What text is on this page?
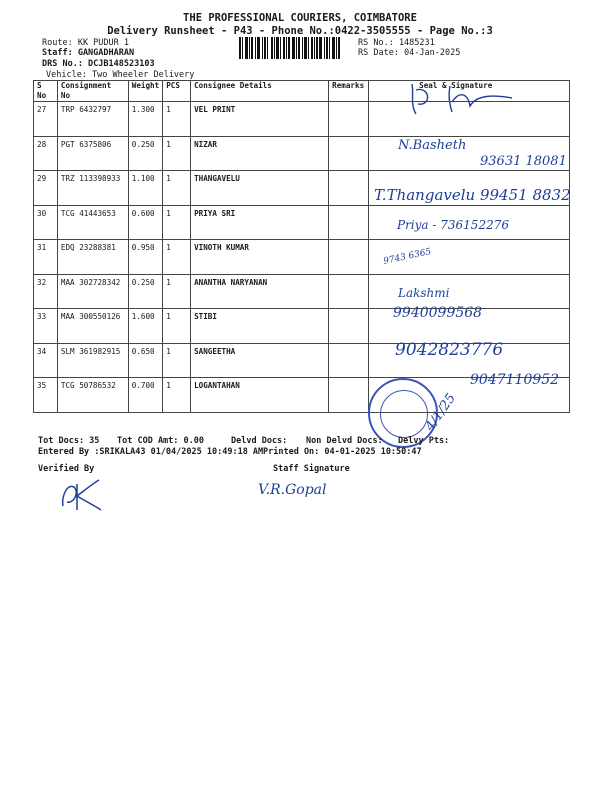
THE PROFESSIONAL COURIERS, COIMBATORE
Delivery Runsheet - P43 - Phone No.:0422-3505555 - Page No.:3
Route: KK PUDUR 1
Staff: GANGADHARAN
DRS No.: DCJB148523103
Vehicle: Two Wheeler Delivery
RS No.: 1485231
RS Date: 04-Jan-2025
S No	Consignment No	Weight	PCS	Consignee Details	Remarks	Seal & Signature
27	TRP 6432797	1.300	1	VEL PRINT		
28	PGT 6375806	0.250	1	NIZAR		
29	TRZ 113398933	1.100	1	THANGAVELU		
30	TCG 41443653	0.600	1	PRIYA SRI		
31	EDQ 23288381	0.950	1	VINOTH KUMAR		
32	MAA 302728342	0.250	1	ANANTHA NARYANAN		
33	MAA 300550126	1.600	1	STIBI		
34	SLM 361982915	0.650	1	SANGEETHA		
35	TCG 50786532	0.700	1	LOGANTAHAN		
N.Basheth
93631 18081
T.Thangavelu 99451 8832
Priya - 736152276
9743 6365
Lakshmi
9940099568
9042823776
9047110952
4/1/25
Tot Docs: 35 Tot COD Amt: 0.00	Delvd Docs: Non Delvd Docs: Delvy Pts:
Entered By :SRIKALA43 01/04/2025 10:49:18 AM Printed On: 04-01-2025 10:50:47
Verified By	Staff Signature
V.R.Gopal
